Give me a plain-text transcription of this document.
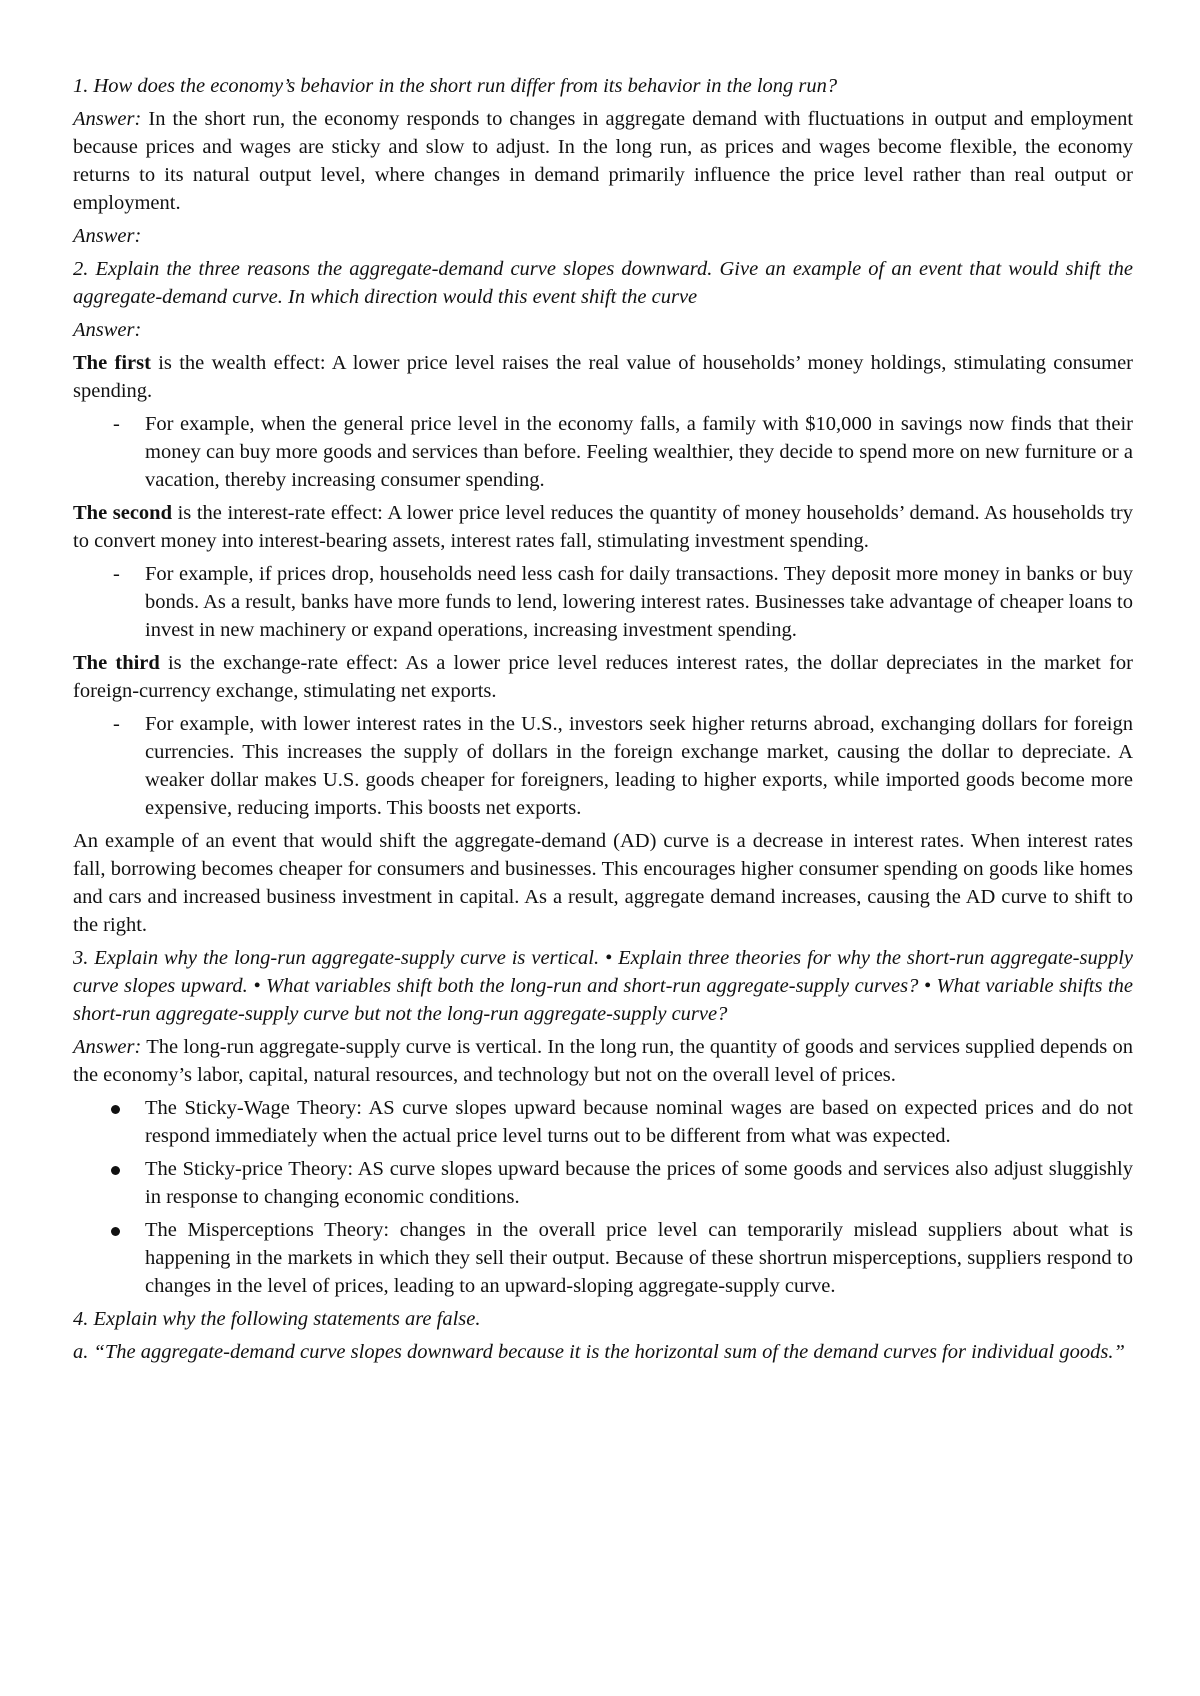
1. How does the economy’s behavior in the short run differ from its behavior in the long run?

Answer: In the short run, the economy responds to changes in aggregate demand with fluctuations in output and employment because prices and wages are sticky and slow to adjust. In the long run, as prices and wages become flexible, the economy returns to its natural output level, where changes in demand primarily influence the price level rather than real output or employment.

Answer:

2. Explain the three reasons the aggregate-demand curve slopes downward. Give an example of an event that would shift the aggregate-demand curve. In which direction would this event shift the curve

Answer:

The first is the wealth effect: A lower price level raises the real value of households’ money holdings, stimulating consumer spending.

-	For example, when the general price level in the economy falls, a family with $10,000 in savings now finds that their money can buy more goods and services than before. Feeling wealthier, they decide to spend more on new furniture or a vacation, thereby increasing consumer spending.

The second is the interest-rate effect: A lower price level reduces the quantity of money households’ demand. As households try to convert money into interest-bearing assets, interest rates fall, stimulating investment spending.

-	For example, if prices drop, households need less cash for daily transactions. They deposit more money in banks or buy bonds. As a result, banks have more funds to lend, lowering interest rates. Businesses take advantage of cheaper loans to invest in new machinery or expand operations, increasing investment spending.

The third is the exchange-rate effect: As a lower price level reduces interest rates, the dollar depreciates in the market for foreign-currency exchange, stimulating net exports.

-	For example, with lower interest rates in the U.S., investors seek higher returns abroad, exchanging dollars for foreign currencies. This increases the supply of dollars in the foreign exchange market, causing the dollar to depreciate. A weaker dollar makes U.S. goods cheaper for foreigners, leading to higher exports, while imported goods become more expensive, reducing imports. This boosts net exports.

An example of an event that would shift the aggregate-demand (AD) curve is a decrease in interest rates. When interest rates fall, borrowing becomes cheaper for consumers and businesses. This encourages higher consumer spending on goods like homes and cars and increased business investment in capital. As a result, aggregate demand increases, causing the AD curve to shift to the right.

3. Explain why the long-run aggregate-supply curve is vertical. • Explain three theories for why the short-run aggregate-supply curve slopes upward. • What variables shift both the long-run and short-run aggregate-supply curves? • What variable shifts the short-run aggregate-supply curve but not the long-run aggregate-supply curve?

Answer: The long-run aggregate-supply curve is vertical. In the long run, the quantity of goods and services supplied depends on the economy’s labor, capital, natural resources, and technology but not on the overall level of prices.

The Sticky-Wage Theory: AS curve slopes upward because nominal wages are based on expected prices and do not respond immediately when the actual price level turns out to be different from what was expected.
The Sticky-price Theory: AS curve slopes upward because the prices of some goods and services also adjust sluggishly in response to changing economic conditions.
The Misperceptions Theory: changes in the overall price level can temporarily mislead suppliers about what is happening in the markets in which they sell their output. Because of these shortrun misperceptions, suppliers respond to changes in the level of prices, leading to an upward-sloping aggregate-supply curve.

4. Explain why the following statements are false.

a. “The aggregate-demand curve slopes downward because it is the horizontal sum of the demand curves for individual goods.”
